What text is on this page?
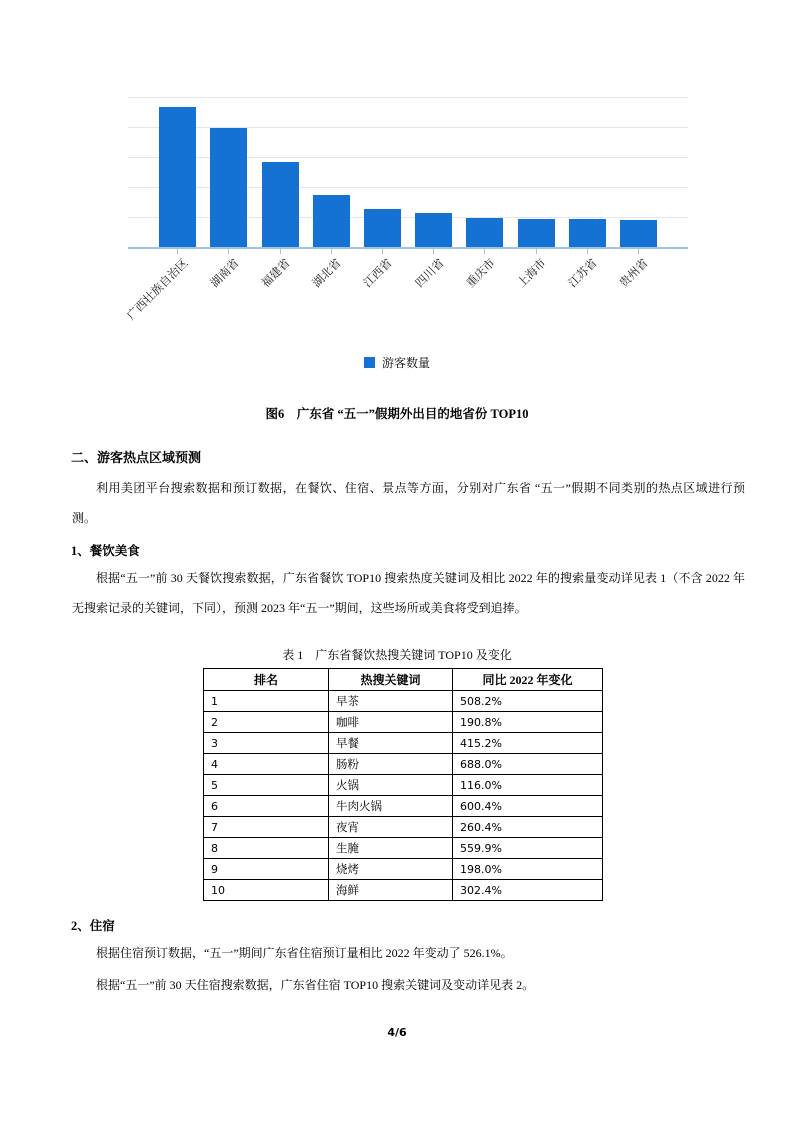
广西壮族自治区	湖南省	福建省	湖北省	江西省	四川省	重庆市	上海市	江苏省	贵州省
游客数量
图6　广东省 “五一”假期外出目的地省份 TOP10
二、游客热点区域预测
利用美团平台搜索数据和预订数据，在餐饮、住宿、景点等方面，分别对广东省 “五一”假期不同类别的热点区域进行预测。
1、餐饮美食
根据“五一”前 30 天餐饮搜索数据，广东省餐饮 TOP10 搜索热度关键词及相比 2022 年的搜索量变动详见表 1（不含 2022 年无搜索记录的关键词，下同），预测 2023 年“五一”期间，这些场所或美食将受到追捧。
表 1　广东省餐饮热搜关键词 TOP10 及变化
排名	热搜关键词	同比 2022 年变化
1	早茶	508.2%
2	咖啡	190.8%
3	早餐	415.2%
4	肠粉	688.0%
5	火锅	116.0%
6	牛肉火锅	600.4%
7	夜宵	260.4%
8	生腌	559.9%
9	烧烤	198.0%
10	海鲜	302.4%
2、住宿
根据住宿预订数据，“五一”期间广东省住宿预订量相比 2022 年变动了 526.1%。
根据“五一”前 30 天住宿搜索数据，广东省住宿 TOP10 搜索关键词及变动详见表 2。
4/6
